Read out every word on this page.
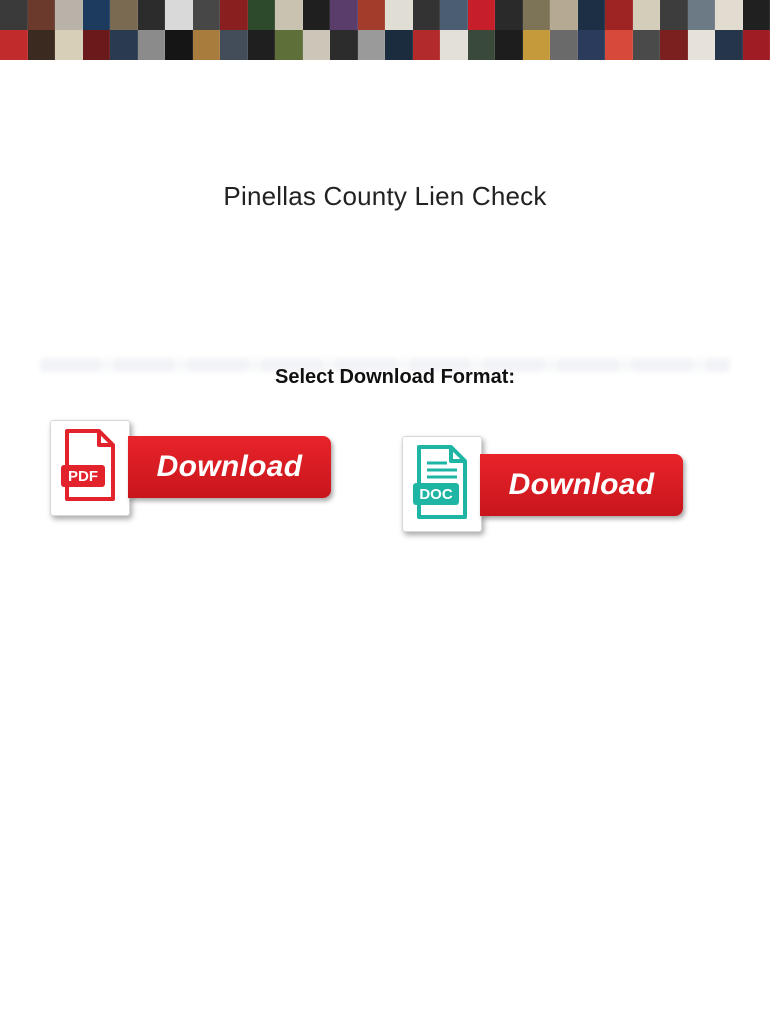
Pinellas County Lien Check
Select Download Format:
PDF	Download
DOC	Download
